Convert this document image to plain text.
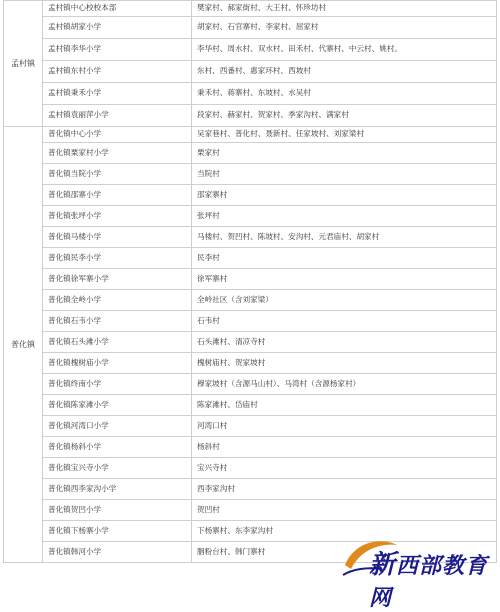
孟村镇	孟村镇中心校校本部	樊家村、郝家街村、大王村、怀珍坊村
	孟村镇胡家小学	胡家村、石官寨村、李家村、屈家村
	孟村镇李华小学	李华村、周水村、双水村、田禾村、代寨村、中云村、姚村。
	孟村镇东村小学	东村、西番村、惠家环村、西坡村
	孟村镇秉禾小学	秉禾村、蒋寨村、东坡村、水吴村
	孟村镇袁丽萍小学	段家村、赫家村、贺家村、季家沟村、满家村
普化镇	普化镇中心小学	吴家巷村、普化村、聂新村、任家坡村、刘家梁村
	普化镇栗家村小学	栗家村
	普化镇当院小学	当院村
	普化镇邵寨小学	邵家寨村
	普化镇张坪小学	张坪村
	普化镇马楼小学	马楼村、贺凹村、陈坡村、安沟村、元君庙村、胡家村
	普化镇民李小学	民李村
	普化镇徐军寨小学	徐军寨村
	普化镇全岭小学	全岭社区（含刘家梁）
	普化镇石韦小学	石韦村
	普化镇石头滩小学	石头滩村、清凉寺村
	普化镇槐树庙小学	槐树庙村、贺家坡村
	普化镇终南小学	穆家坡村（含源马山村）、马湾村（含源杨家村）
	普化镇陈家滩小学	陈家滩村、岱庙村
	普化镇河湾口小学	河湾口村
	普化镇杨斜小学	杨斜村
	普化镇宝兴寺小学	宝兴寺村
	普化镇西李家沟小学	西李家沟村
	普化镇贺凹小学	贺凹村
	普化镇下杨寨小学	下杨寨村、东李家沟村
	普化镇韩河小学	胭粉台村、韩门寨村	新西部教育网
